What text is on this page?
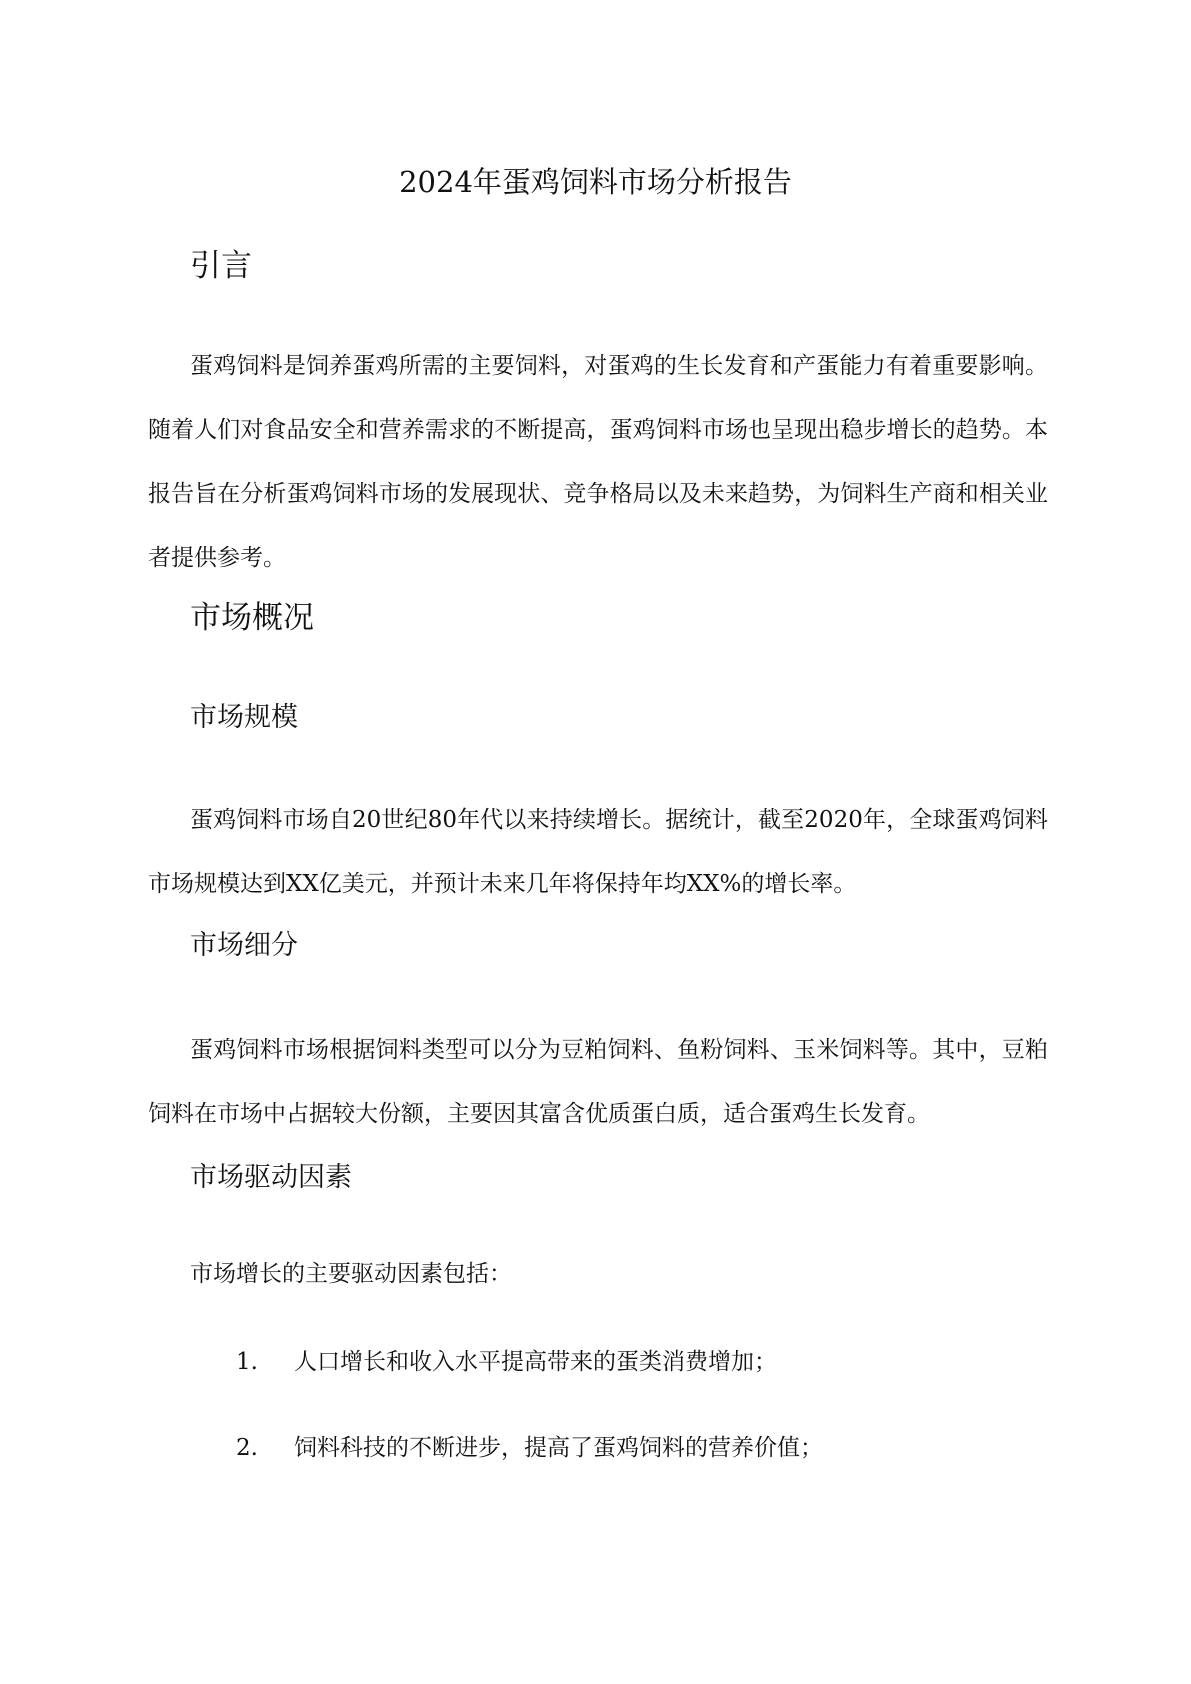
2024年蛋鸡饲料市场分析报告
引言
蛋鸡饲料是饲养蛋鸡所需的主要饲料，对蛋鸡的生长发育和产蛋能力有着重要影响。随着人们对食品安全和营养需求的不断提高，蛋鸡饲料市场也呈现出稳步增长的趋势。本报告旨在分析蛋鸡饲料市场的发展现状、竞争格局以及未来趋势，为饲料生产商和相关业者提供参考。
市场概况
市场规模
蛋鸡饲料市场自20世纪80年代以来持续增长。据统计，截至2020年，全球蛋鸡饲料市场规模达到XX亿美元，并预计未来几年将保持年均XX%的增长率。
市场细分
蛋鸡饲料市场根据饲料类型可以分为豆粕饲料、鱼粉饲料、玉米饲料等。其中，豆粕饲料在市场中占据较大份额，主要因其富含优质蛋白质，适合蛋鸡生长发育。
市场驱动因素
市场增长的主要驱动因素包括：
1.	人口增长和收入水平提高带来的蛋类消费增加；
2.	饲料科技的不断进步，提高了蛋鸡饲料的营养价值；
